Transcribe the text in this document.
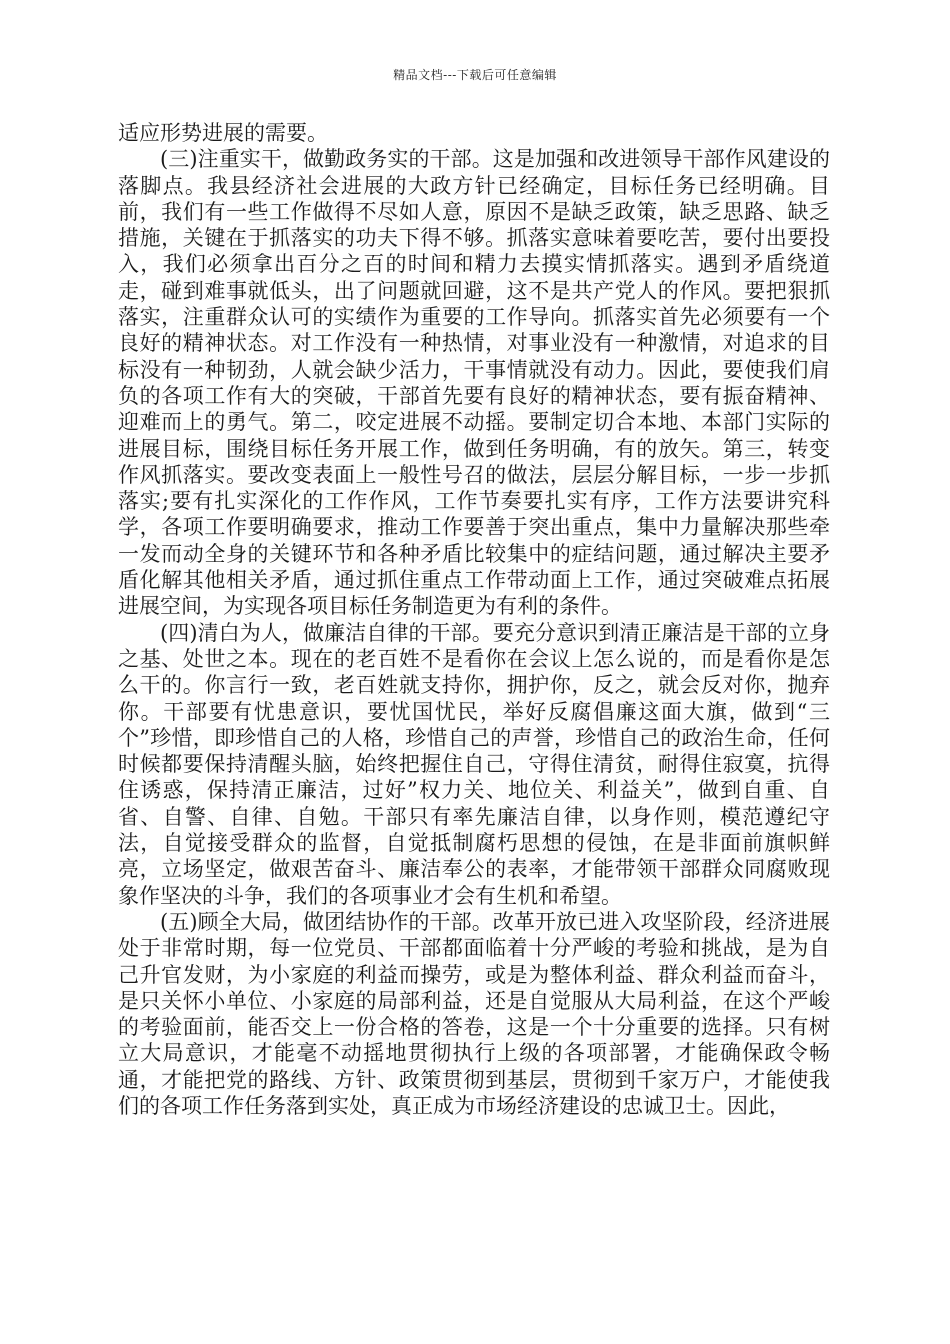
精品文档---下载后可任意编辑

适应形势进展的需要。

(三)注重实干，做勤政务实的干部。这是加强和改进领导干部作风建设的落脚点。我县经济社会进展的大政方针已经确定，目标任务已经明确。目前，我们有一些工作做得不尽如人意，原因不是缺乏政策，缺乏思路、缺乏措施，关键在于抓落实的功夫下得不够。抓落实意味着要吃苦，要付出要投入，我们必须拿出百分之百的时间和精力去摸实情抓落实。遇到矛盾绕道走，碰到难事就低头，出了问题就回避，这不是共产党人的作风。要把狠抓落实，注重群众认可的实绩作为重要的工作导向。抓落实首先必须要有一个良好的精神状态。对工作没有一种热情，对事业没有一种激情，对追求的目标没有一种韧劲，人就会缺少活力，干事情就没有动力。因此，要使我们肩负的各项工作有大的突破，干部首先要有良好的精神状态，要有振奋精神、迎难而上的勇气。第二，咬定进展不动摇。要制定切合本地、本部门实际的进展目标，围绕目标任务开展工作，做到任务明确，有的放矢。第三，转变作风抓落实。要改变表面上一般性号召的做法，层层分解目标，一步一步抓落实;要有扎实深化的工作作风，工作节奏要扎实有序，工作方法要讲究科学，各项工作要明确要求，推动工作要善于突出重点，集中力量解决那些牵一发而动全身的关键环节和各种矛盾比较集中的症结问题，通过解决主要矛盾化解其他相关矛盾，通过抓住重点工作带动面上工作，通过突破难点拓展进展空间，为实现各项目标任务制造更为有利的条件。

(四)清白为人，做廉洁自律的干部。要充分意识到清正廉洁是干部的立身之基、处世之本。现在的老百姓不是看你在会议上怎么说的，而是看你是怎么干的。你言行一致，老百姓就支持你，拥护你，反之，就会反对你，抛弃你。干部要有忧患意识，要忧国忧民，举好反腐倡廉这面大旗，做到“三个”珍惜，即珍惜自己的人格，珍惜自己的声誉，珍惜自己的政治生命，任何时候都要保持清醒头脑，始终把握住自己，守得住清贫，耐得住寂寞，抗得住诱惑，保持清正廉洁，过好”权力关、地位关、利益关”，做到自重、自省、自警、自律、自勉。干部只有率先廉洁自律，以身作则，模范遵纪守法，自觉接受群众的监督，自觉抵制腐朽思想的侵蚀，在是非面前旗帜鲜亮，立场坚定，做艰苦奋斗、廉洁奉公的表率，才能带领干部群众同腐败现象作坚决的斗争，我们的各项事业才会有生机和希望。

(五)顾全大局，做团结协作的干部。改革开放已进入攻坚阶段，经济进展处于非常时期，每一位党员、干部都面临着十分严峻的考验和挑战，是为自己升官发财，为小家庭的利益而操劳，或是为整体利益、群众利益而奋斗，是只关怀小单位、小家庭的局部利益，还是自觉服从大局利益，在这个严峻的考验面前，能否交上一份合格的答卷，这是一个十分重要的选择。只有树立大局意识，才能毫不动摇地贯彻执行上级的各项部署，才能确保政令畅通，才能把党的路线、方针、政策贯彻到基层，贯彻到千家万户，才能使我们的各项工作任务落到实处，真正成为市场经济建设的忠诚卫士。因此，
